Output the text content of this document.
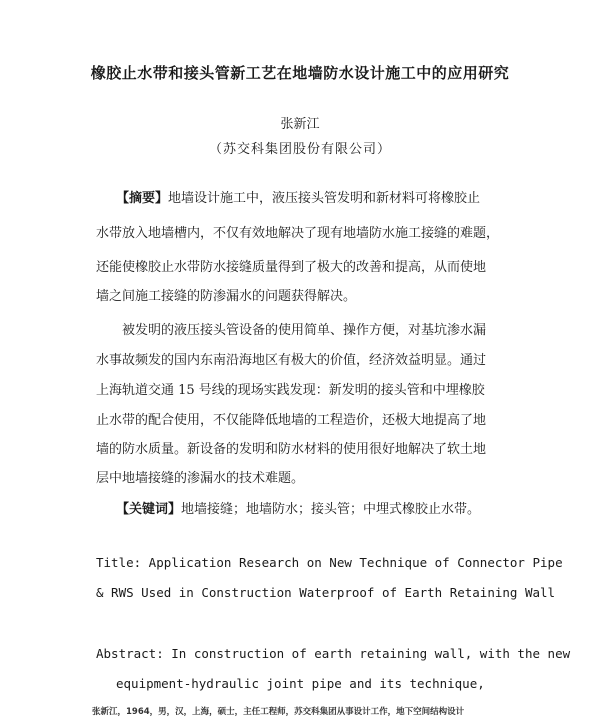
橡胶止水带和接头管新工艺在地墙防水设计施工中的应用研究
张新江
（苏交科集团股份有限公司）
【摘要】地墙设计施工中，液压接头管发明和新材料可将橡胶止
水带放入地墙槽内，不仅有效地解决了现有地墙防水施工接缝的难题，
还能使橡胶止水带防水接缝质量得到了极大的改善和提高，从而使地
墙之间施工接缝的防渗漏水的问题获得解决。
被发明的液压接头管设备的使用简单、操作方便，对基坑渗水漏
水事故频发的国内东南沿海地区有极大的价值，经济效益明显。通过
上海轨道交通 15 号线的现场实践发现：新发明的接头管和中埋橡胶
止水带的配合使用，不仅能降低地墙的工程造价，还极大地提高了地
墙的防水质量。新设备的发明和防水材料的使用很好地解决了软土地
层中地墙接缝的渗漏水的技术难题。
【关键词】地墙接缝；地墙防水；接头管；中埋式橡胶止水带。
Title: Application Research on New Technique of Connector Pipe
& RWS Used in Construction Waterproof of Earth Retaining Wall
Abstract: In construction of earth retaining wall, with the new
equipment-hydraulic joint pipe and its technique,
张新江，1964，男，汉，上海，硕士，主任工程师，苏交科集团从事设计工作，地下空间结构设计
